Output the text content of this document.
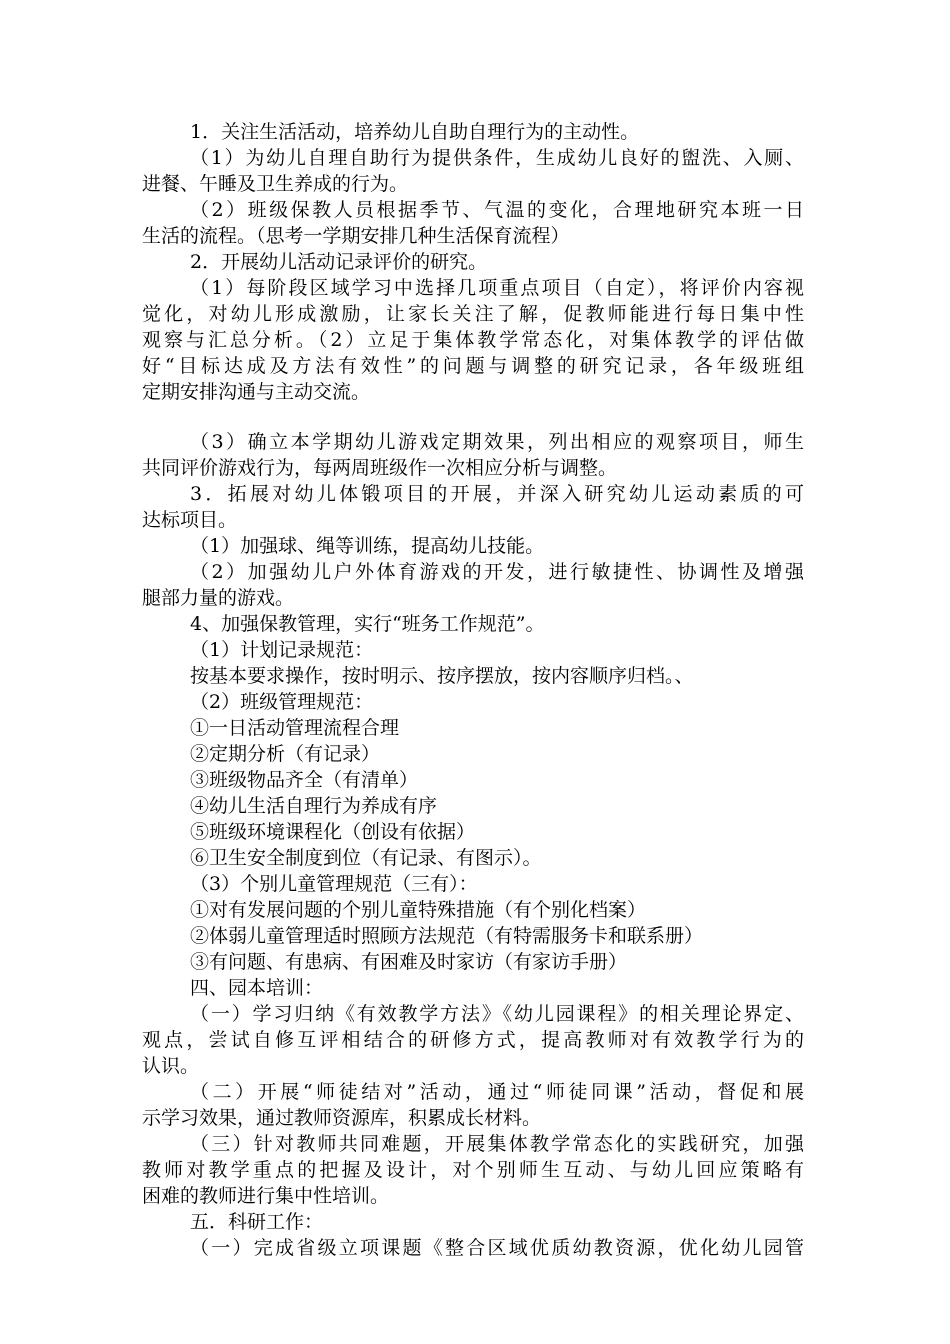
1．关注生活活动，培养幼儿自助自理行为的主动性。
（1）为幼儿自理自助行为提供条件，生成幼儿良好的盥洗、入厕、
进餐、午睡及卫生养成的行为。
（2）班级保教人员根据季节、气温的变化，合理地研究本班一日
生活的流程。（思考一学期安排几种生活保育流程）
2．开展幼儿活动记录评价的研究。
（1）每阶段区域学习中选择几项重点项目（自定），将评价内容视
觉化，对幼儿形成激励，让家长关注了解，促教师能进行每日集中性
观察与汇总分析。（2）立足于集体教学常态化，对集体教学的评估做
好“目标达成及方法有效性”的问题与调整的研究记录，各年级班组
定期安排沟通与主动交流。
（3）确立本学期幼儿游戏定期效果，列出相应的观察项目，师生
共同评价游戏行为，每两周班级作一次相应分析与调整。
3．拓展对幼儿体锻项目的开展，并深入研究幼儿运动素质的可
达标项目。
（1）加强球、绳等训练，提高幼儿技能。
（2）加强幼儿户外体育游戏的开发，进行敏捷性、协调性及增强
腿部力量的游戏。
4、加强保教管理，实行“班务工作规范”。
（1）计划记录规范：
按基本要求操作，按时明示、按序摆放，按内容顺序归档。、
（2）班级管理规范：
①一日活动管理流程合理
②定期分析（有记录）
③班级物品齐全（有清单）
④幼儿生活自理行为养成有序
⑤班级环境课程化（创设有依据）
⑥卫生安全制度到位（有记录、有图示）。
（3）个别儿童管理规范（三有）：
①对有发展问题的个别儿童特殊措施（有个别化档案）
②体弱儿童管理适时照顾方法规范（有特需服务卡和联系册）
③有问题、有患病、有困难及时家访（有家访手册）
四、园本培训：
（一）学习归纳《有效教学方法》《幼儿园课程》的相关理论界定、
观点，尝试自修互评相结合的研修方式，提高教师对有效教学行为的
认识。
（二）开展“师徒结对”活动，通过“师徒同课”活动，督促和展
示学习效果，通过教师资源库，积累成长材料。
（三）针对教师共同难题，开展集体教学常态化的实践研究，加强
教师对教学重点的把握及设计，对个别师生互动、与幼儿回应策略有
困难的教师进行集中性培训。
五．科研工作：
（一）完成省级立项课题《整合区域优质幼教资源，优化幼儿园管
